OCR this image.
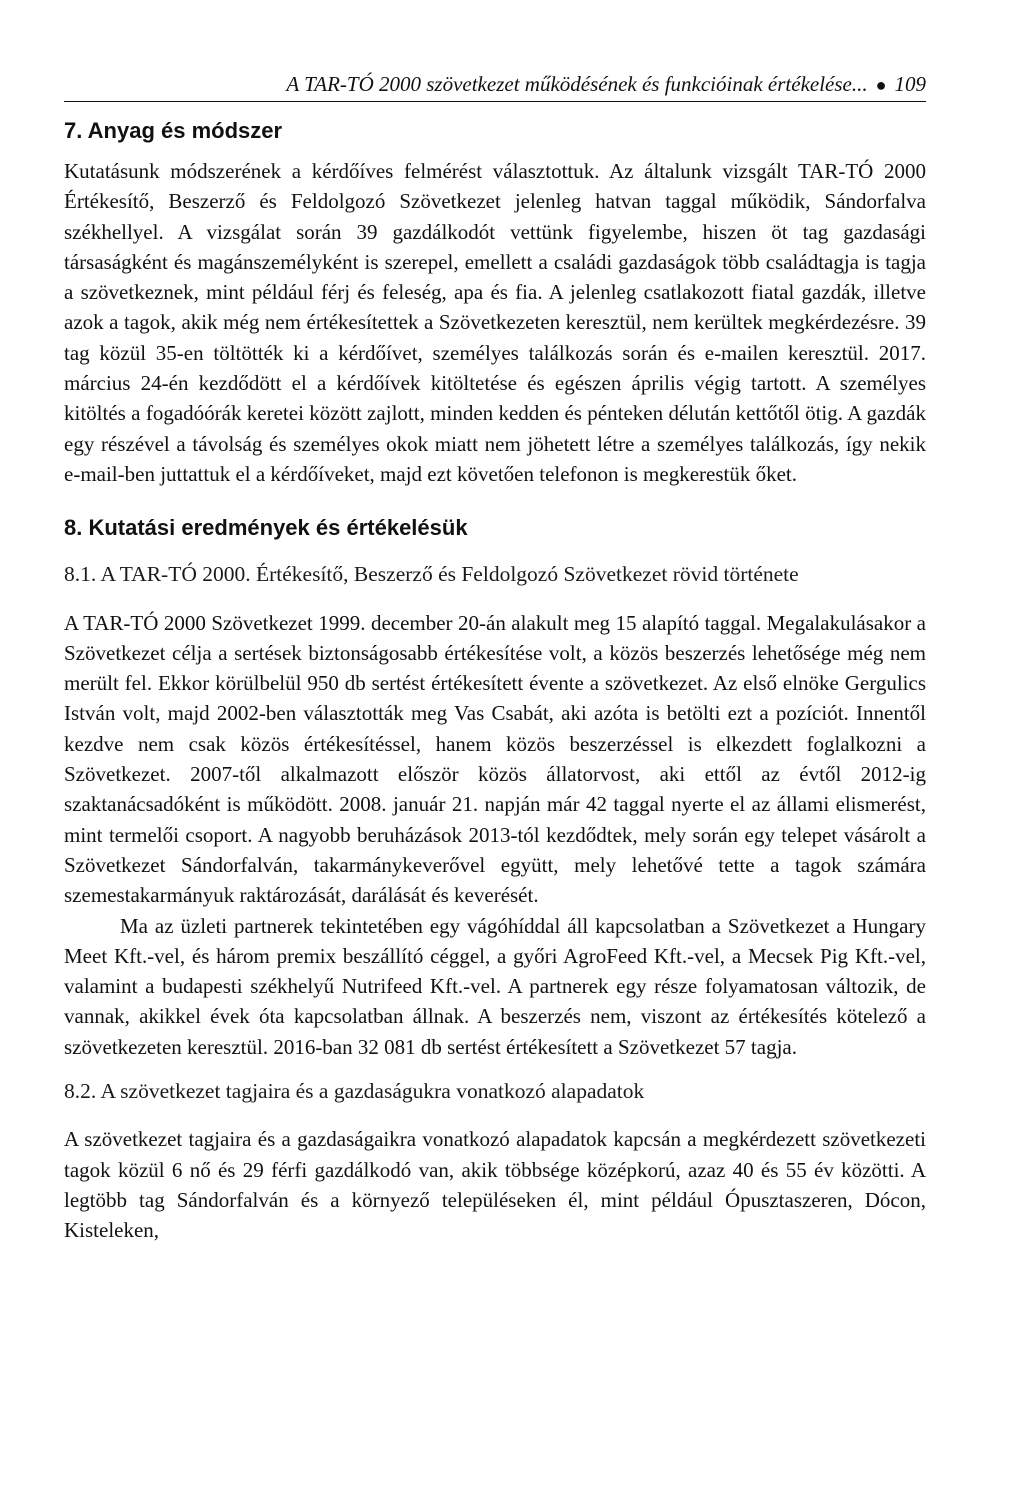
A TAR-TÓ 2000 szövetkezet működésének és funkcióinak értékelése... ● 109
7. Anyag és módszer

Kutatásunk módszerének a kérdőíves felmérést választottuk. Az általunk vizsgált TAR-TÓ 2000 Értékesítő, Beszerző és Feldolgozó Szövetkezet jelenleg hatvan taggal működik, Sándorfalva székhellyel. A vizsgálat során 39 gazdálkodót vettünk figyelembe, hiszen öt tag gazdasági társaságként és magánszemélyként is szerepel, emellett a családi gazdaságok több családtagja is tagja a szövetkeznek, mint például férj és feleség, apa és fia. A jelenleg csatlakozott fiatal gazdák, illetve azok a tagok, akik még nem értékesítettek a Szövetkezeten keresztül, nem kerültek megkérdezésre. 39 tag közül 35-en töltötték ki a kérdőívet, személyes találkozás során és e-mailen keresztül. 2017. március 24-én kezdődött el a kérdőívek kitöltetése és egészen április végig tartott. A személyes kitöltés a fogadóórák keretei között zajlott, minden kedden és pénteken délután kettőtől ötig. A gazdák egy részével a távolság és személyes okok miatt nem jöhetett létre a személyes találkozás, így nekik e-mail-ben juttattuk el a kérdőíveket, majd ezt követően telefonon is megkerestük őket.

8. Kutatási eredmények és értékelésük

8.1. A TAR-TÓ 2000. Értékesítő, Beszerző és Feldolgozó Szövetkezet rövid története

A TAR-TÓ 2000 Szövetkezet 1999. december 20-án alakult meg 15 alapító taggal. Megalakulásakor a Szövetkezet célja a sertések biztonságosabb értékesítése volt, a közös beszerzés lehetősége még nem merült fel. Ekkor körülbelül 950 db sertést értékesített évente a szövetkezet. Az első elnöke Gergulics István volt, majd 2002-ben választották meg Vas Csabát, aki azóta is betölti ezt a pozíciót. Innentől kezdve nem csak közös értékesítéssel, hanem közös beszerzéssel is elkezdett foglalkozni a Szövetkezet. 2007-től alkalmazott először közös állatorvost, aki ettől az évtől 2012-ig szaktanácsadóként is működött. 2008. január 21. napján már 42 taggal nyerte el az állami elismerést, mint termelői csoport. A nagyobb beruházások 2013-tól kezdődtek, mely során egy telepet vásárolt a Szövetkezet Sándorfalván, takarmánykeverővel együtt, mely lehetővé tette a tagok számára szemestakarmányuk raktározását, darálását és keverését.

Ma az üzleti partnerek tekintetében egy vágóhíddal áll kapcsolatban a Szövetkezet a Hungary Meet Kft.-vel, és három premix beszállító céggel, a győri AgroFeed Kft.-vel, a Mecsek Pig Kft.-vel, valamint a budapesti székhelyű Nutrifeed Kft.-vel. A partnerek egy része folyamatosan változik, de vannak, akikkel évek óta kapcsolatban állnak. A beszerzés nem, viszont az értékesítés kötelező a szövetkezeten keresztül. 2016-ban 32 081 db sertést értékesített a Szövetkezet 57 tagja.

8.2. A szövetkezet tagjaira és a gazdaságukra vonatkozó alapadatok

A szövetkezet tagjaira és a gazdaságaikra vonatkozó alapadatok kapcsán a megkérdezett szövetkezeti tagok közül 6 nő és 29 férfi gazdálkodó van, akik többsége középkorú, azaz 40 és 55 év közötti. A legtöbb tag Sándorfalván és a környező településeken él, mint például Ópusztaszeren, Dócon, Kisteleken,
